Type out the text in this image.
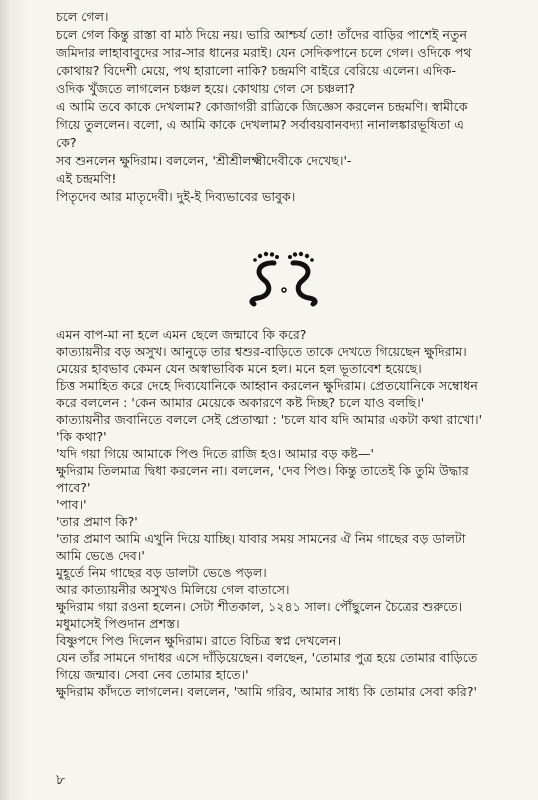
চলে গেল।
চলে গেল কিন্তু রাস্তা বা মাঠ দিয়ে নয়। ভারি আশ্চর্য তো! তাঁদের বাড়ির পাশেই নতুন
জমিদার লাহাবাবুদের সার-সার ধানের মরাই। যেন সেদিকপানে চলে গেল। ওদিকে পথ
কোথায়? বিদেশী মেয়ে, পথ হারালো নাকি? চন্দ্রমণি বাইরে বেরিয়ে এলেন। এদিক-
ওদিক খুঁজতে লাগলেন চঞ্চল হয়ে। কোথায় গেল সে চঞ্চলা?
এ আমি তবে কাকে দেখলাম? কোজাগরী রাত্রিকে জিজ্ঞেস করলেন চন্দ্রমণি। স্বামীকে
গিয়ে তুললেন। বলো, এ আমি কাকে দেখলাম? সর্বাবয়বানবদ্যা নানালঙ্কারভূষিতা এ
কে?
সব শুনলেন ক্ষুদিরাম। বললেন, 'শ্রীশ্রীলক্ষ্মীদেবীকে দেখেছ।'-
এই চন্দ্রমণি!
পিতৃদেব আর মাতৃদেবী। দুই-ই দিব্যভাবের ভাবুক।
এমন বাপ-মা না হলে এমন ছেলে জন্মাবে কি করে?
কাত্যায়নীর বড় অসুখ। আনুড়ে তার শ্বশুর-বাড়িতে তাকে দেখতে গিয়েছেন ক্ষুদিরাম।
মেয়ের হাবভাব কেমন যেন অস্বাভাবিক মনে হল। মনে হল ভূতাবেশ হয়েছে।
চিত্ত সমাহিত করে দেহে দিব্যযোনিকে আহ্বান করলেন ক্ষুদিরাম। প্রেতযোনিকে সম্বোধন
করে বললেন : 'কেন আমার মেয়েকে অকারণে কষ্ট দিচ্ছ? চলে যাও বলছি।'
কাত্যায়নীর জবানিতে বললে সেই প্রেতাত্মা : 'চলে যাব যদি আমার একটা কথা রাখো।'
'কি কথা?'
'যদি গয়া গিয়ে আমাকে পিণ্ড দিতে রাজি হও। আমার বড় কষ্ট—'
ক্ষুদিরাম তিলমাত্র দ্বিধা করলেন না। বললেন, 'দেব পিণ্ড। কিন্তু তাতেই কি তুমি উদ্ধার
পাবে?'
'পাব।'
'তার প্রমাণ কি?'
'তার প্রমাণ আমি এখুনি দিয়ে যাচ্ছি। যাবার সময় সামনের ঐ নিম গাছের বড় ডালটা
আমি ভেঙে দেব।'
মুহূর্তে নিম গাছের বড় ডালটা ভেঙে পড়ল।
আর কাত্যায়নীর অসুখও মিলিয়ে গেল বাতাসে।
ক্ষুদিরাম গয়া রওনা হলেন। সেটা শীতকাল, ১২৪১ সাল। পৌঁছুলেন চৈত্রের শুরুতে।
মধুমাসেই পিণ্ডদান প্রশস্ত।
বিষ্ণুপদে পিণ্ড দিলেন ক্ষুদিরাম। রাতে বিচিত্র স্বপ্ন দেখলেন।
যেন তাঁর সামনে গদাধর এসে দাঁড়িয়েছেন। বলছেন, 'তোমার পুত্র হয়ে তোমার বাড়িতে
গিয়ে জন্মাব। সেবা নেব তোমার হাতে।'
ক্ষুদিরাম কাঁদতে লাগলেন। বললেন, 'আমি গরিব, আমার সাধ্য কি তোমার সেবা করি?'
৮
